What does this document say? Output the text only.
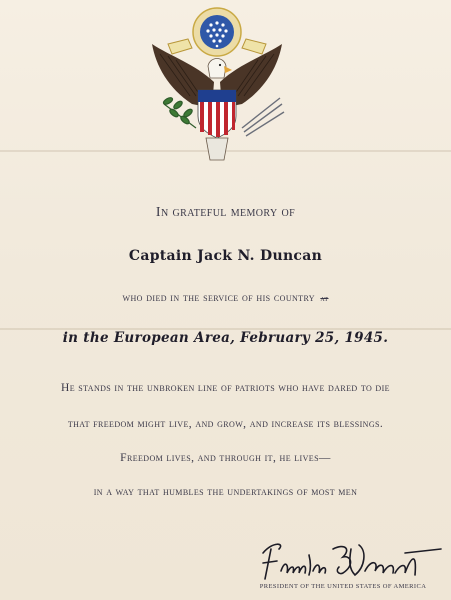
In grateful memory of
Captain Jack N. Duncan
who died in the service of his country at
in the European Area, February 25, 1945.
He stands in the unbroken line of patriots who have dared to die
that freedom might live, and grow, and increase its blessings.
Freedom lives, and through it, he lives—
in a way that humbles the undertakings of most men
PRESIDENT OF THE UNITED STATES OF AMERICA
